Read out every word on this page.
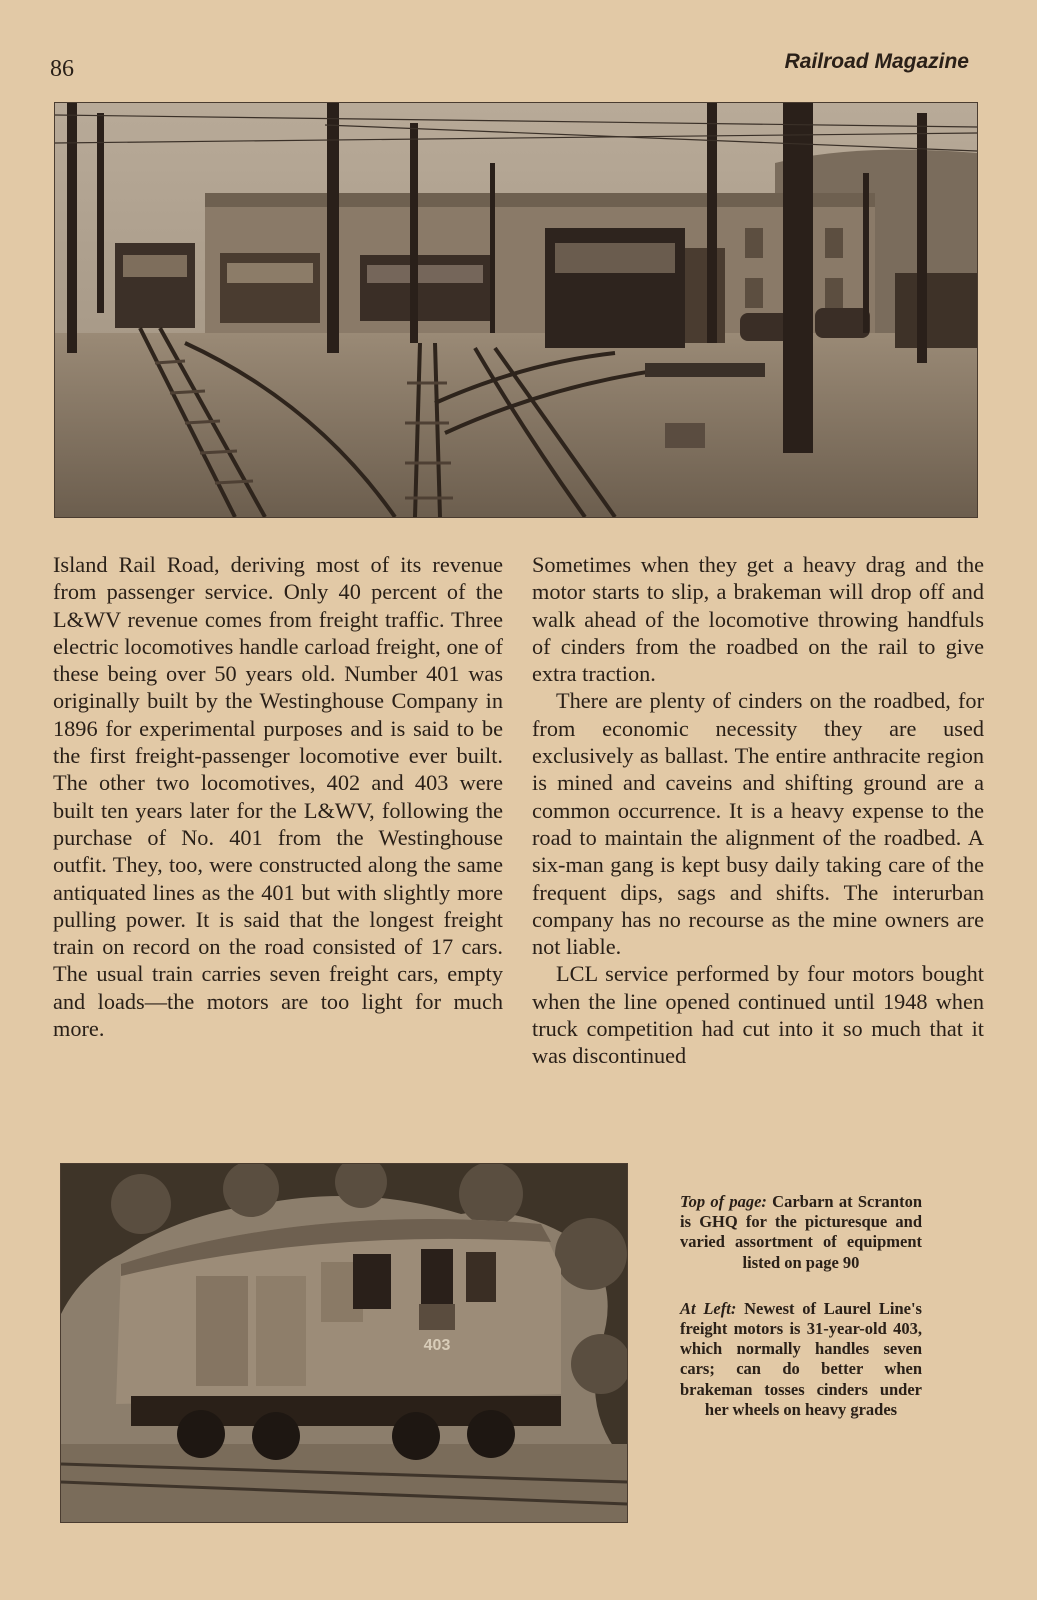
86	Railroad Magazine

Island Rail Road, deriving most of its revenue from passenger service. Only 40 percent of the L&WV revenue comes from freight traffic. Three electric locomotives handle carload freight, one of these being over 50 years old. Number 401 was originally built by the Westinghouse Company in 1896 for experimental purposes and is said to be the first freight-passenger locomotive ever built. The other two locomotives, 402 and 403 were built ten years later for the L&WV, following the purchase of No. 401 from the Westinghouse outfit. They, too, were constructed along the same antiquated lines as the 401 but with slightly more pulling power. It is said that the longest freight train on record on the road consisted of 17 cars. The usual train carries seven freight cars, empty and loads—the motors are too light for much more.

Sometimes when they get a heavy drag and the motor starts to slip, a brakeman will drop off and walk ahead of the locomotive throwing handfuls of cinders from the roadbed on the rail to give extra traction.

There are plenty of cinders on the roadbed, for from economic necessity they are used exclusively as ballast. The entire anthracite region is mined and caveins and shifting ground are a common occurrence. It is a heavy expense to the road to maintain the alignment of the roadbed. A six-man gang is kept busy daily taking care of the frequent dips, sags and shifts. The interurban company has no recourse as the mine owners are not liable.

LCL service performed by four motors bought when the line opened continued until 1948 when truck competition had cut into it so much that it was discontinued

403

Top of page: Carbarn at Scranton is GHQ for the picturesque and varied assortment of equipment listed on page 90

At Left: Newest of Laurel Line's freight motors is 31-year-old 403, which normally handles seven cars; can do better when brakeman tosses cinders under her wheels on heavy grades
